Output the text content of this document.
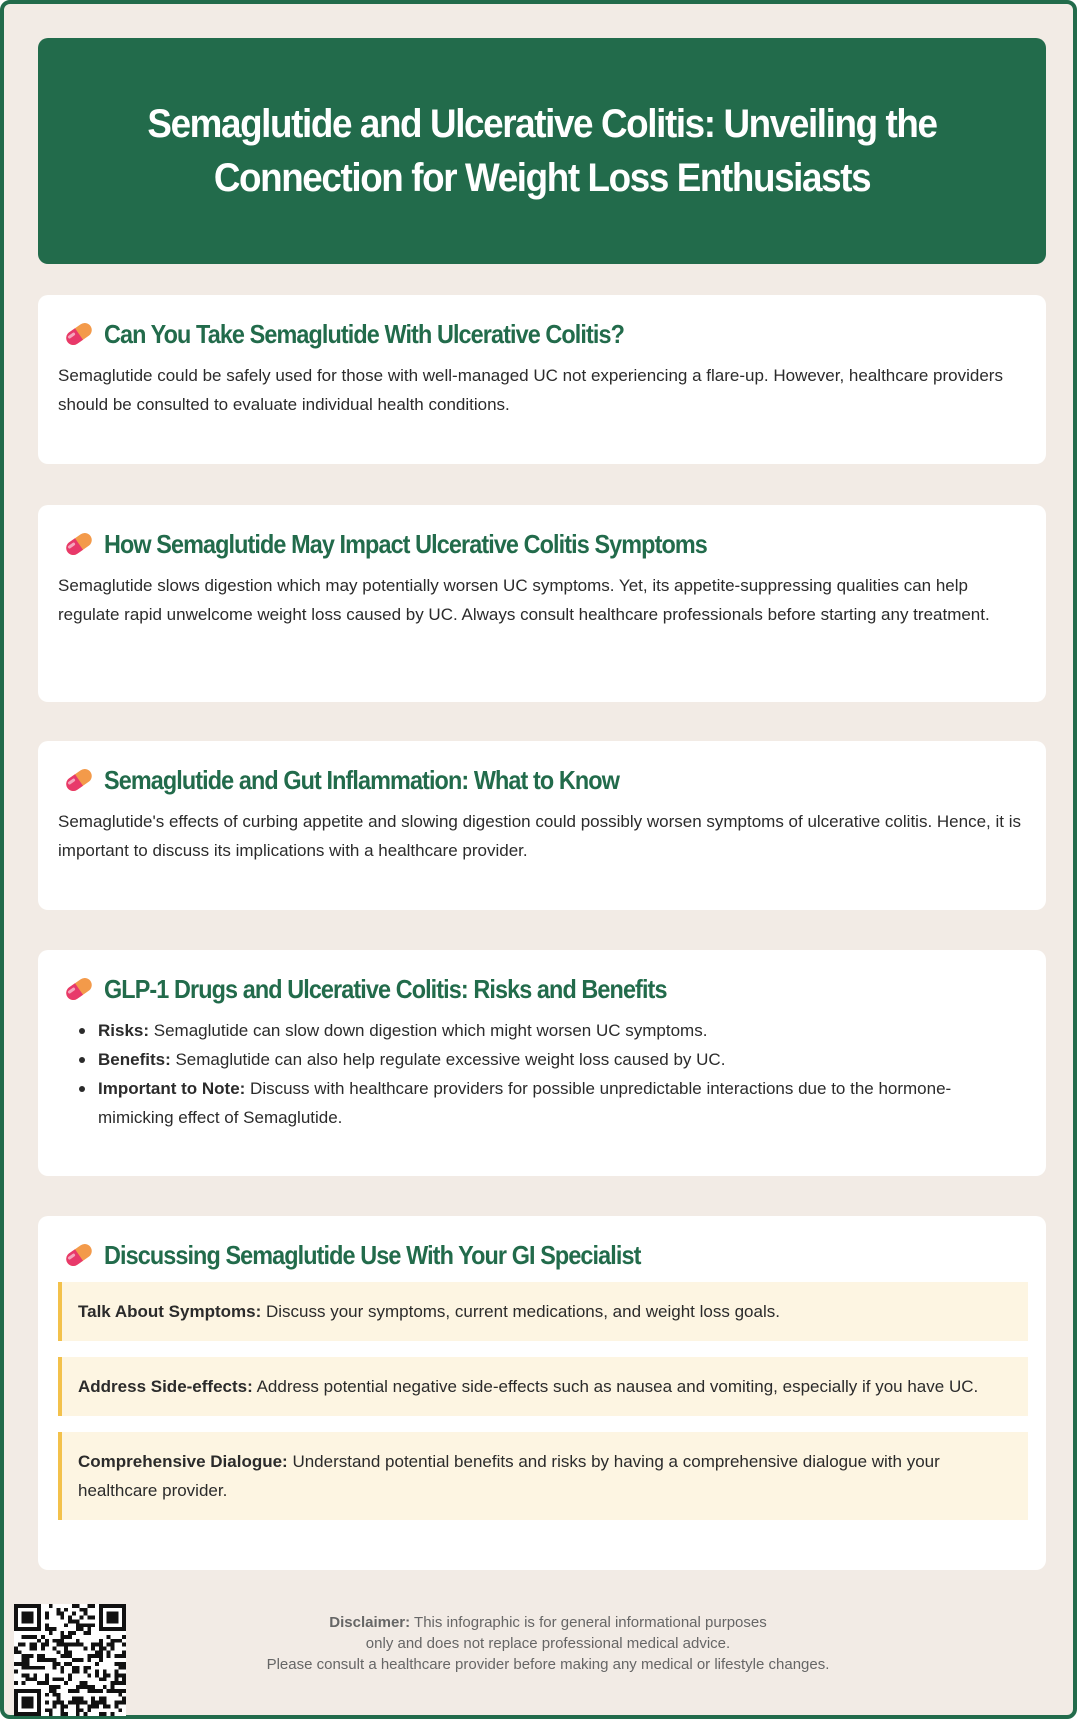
Semaglutide and Ulcerative Colitis: Unveiling the Connection for Weight Loss Enthusiasts
Can You Take Semaglutide With Ulcerative Colitis?

Semaglutide could be safely used for those with well-managed UC not experiencing a flare-up. However, healthcare providers should be consulted to evaluate individual health conditions.

How Semaglutide May Impact Ulcerative Colitis Symptoms

Semaglutide slows digestion which may potentially worsen UC symptoms. Yet, its appetite-suppressing qualities can help regulate rapid unwelcome weight loss caused by UC. Always consult healthcare professionals before starting any treatment.

Semaglutide and Gut Inflammation: What to Know

Semaglutide's effects of curbing appetite and slowing digestion could possibly worsen symptoms of ulcerative colitis. Hence, it is important to discuss its implications with a healthcare provider.

GLP-1 Drugs and Ulcerative Colitis: Risks and Benefits
Risks: Semaglutide can slow down digestion which might worsen UC symptoms.
Benefits: Semaglutide can also help regulate excessive weight loss caused by UC.
Important to Note: Discuss with healthcare providers for possible unpredictable interactions due to the hormone-mimicking effect of Semaglutide.
Discussing Semaglutide Use With Your GI Specialist
Talk About Symptoms: Discuss your symptoms, current medications, and weight loss goals.
Address Side-effects: Address potential negative side-effects such as nausea and vomiting, especially if you have UC.
Comprehensive Dialogue: Understand potential benefits and risks by having a comprehensive dialogue with your healthcare provider.
Disclaimer: This infographic is for general informational purposes
only and does not replace professional medical advice.
Please consult a healthcare provider before making any medical or lifestyle changes.
